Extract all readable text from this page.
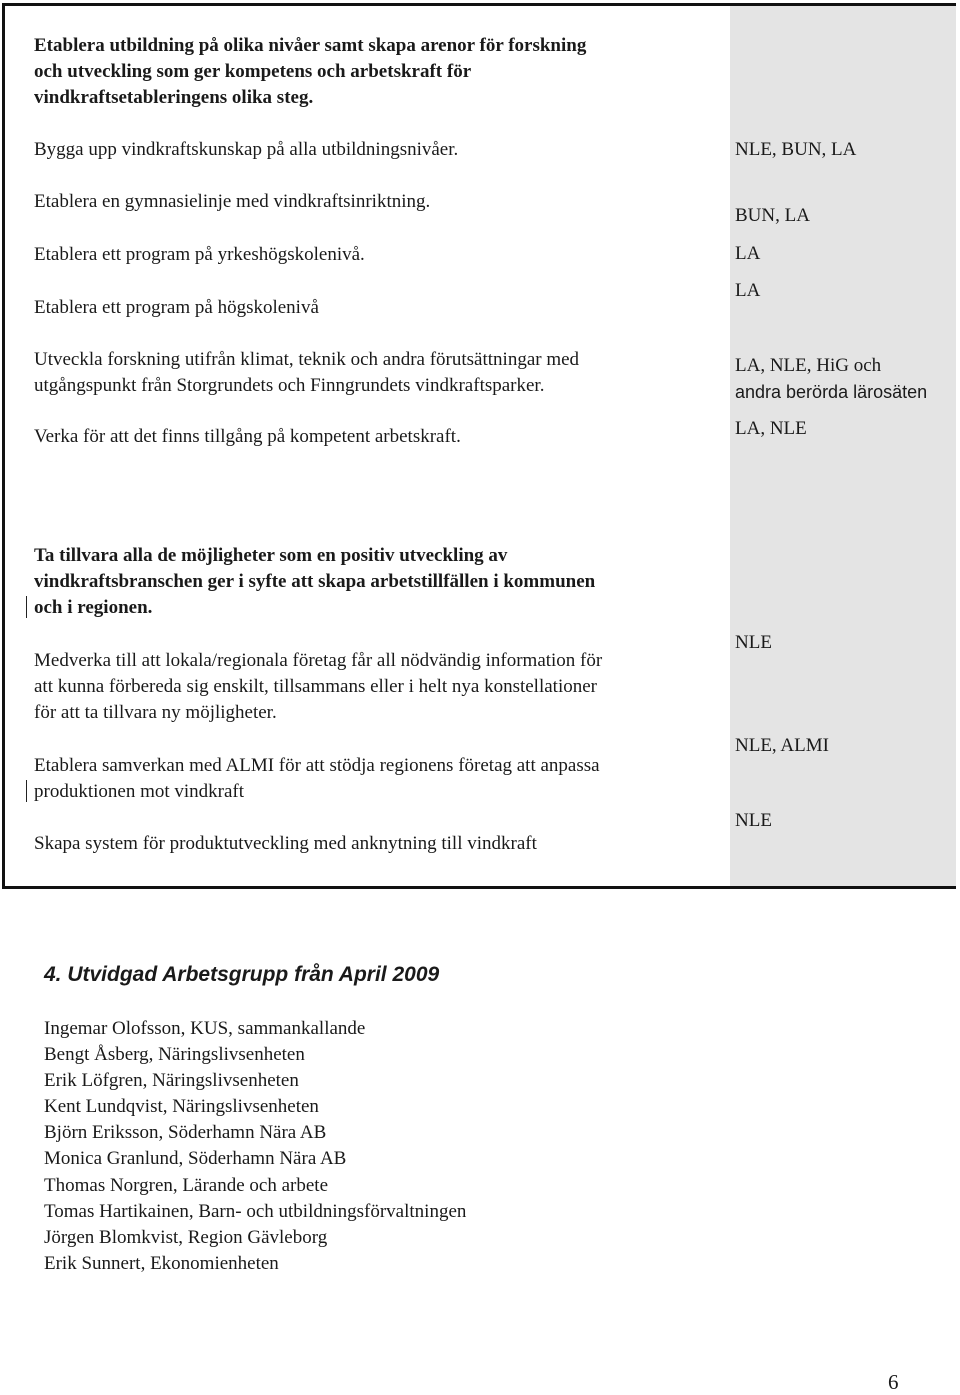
Etablera utbildning på olika nivåer samt skapa arenor för forskning
och utveckling som ger kompetens och arbetskraft för
vindkraftsetableringens olika steg.
Bygga upp vindkraftskunskap på alla utbildningsnivåer.
Etablera en gymnasielinje med vindkraftsinriktning.
Etablera ett program på yrkeshögskolenivå.
Etablera ett program på högskolenivå
Utveckla forskning utifrån klimat, teknik och andra förutsättningar med
utgångspunkt från Storgrundets och Finngrundets vindkraftsparker.
Verka för att det finns tillgång på kompetent arbetskraft.
NLE, BUN, LA
BUN, LA
LA
LA
LA, NLE, HiG och
andra berörda lärosäten
LA, NLE
Ta tillvara alla de möjligheter som en positiv utveckling av
vindkraftsbranschen ger i syfte att skapa arbetstillfällen i kommunen
och i regionen.
Medverka till att lokala/regionala företag får all nödvändig information för
att kunna förbereda sig enskilt, tillsammans eller i helt nya konstellationer
för att ta tillvara ny möjligheter.
Etablera samverkan med ALMI för att stödja regionens företag att anpassa
produktionen mot vindkraft
Skapa system för produktutveckling med anknytning till vindkraft
NLE
NLE, ALMI
NLE
4. Utvidgad Arbetsgrupp från April 2009
Ingemar Olofsson, KUS, sammankallande
Bengt Åsberg, Näringslivsenheten
Erik Löfgren, Näringslivsenheten
Kent Lundqvist, Näringslivsenheten
Björn Eriksson, Söderhamn Nära AB
Monica Granlund, Söderhamn Nära AB
Thomas Norgren, Lärande och arbete
Tomas Hartikainen, Barn- och utbildningsförvaltningen
Jörgen Blomkvist, Region Gävleborg
Erik Sunnert, Ekonomienheten
6
